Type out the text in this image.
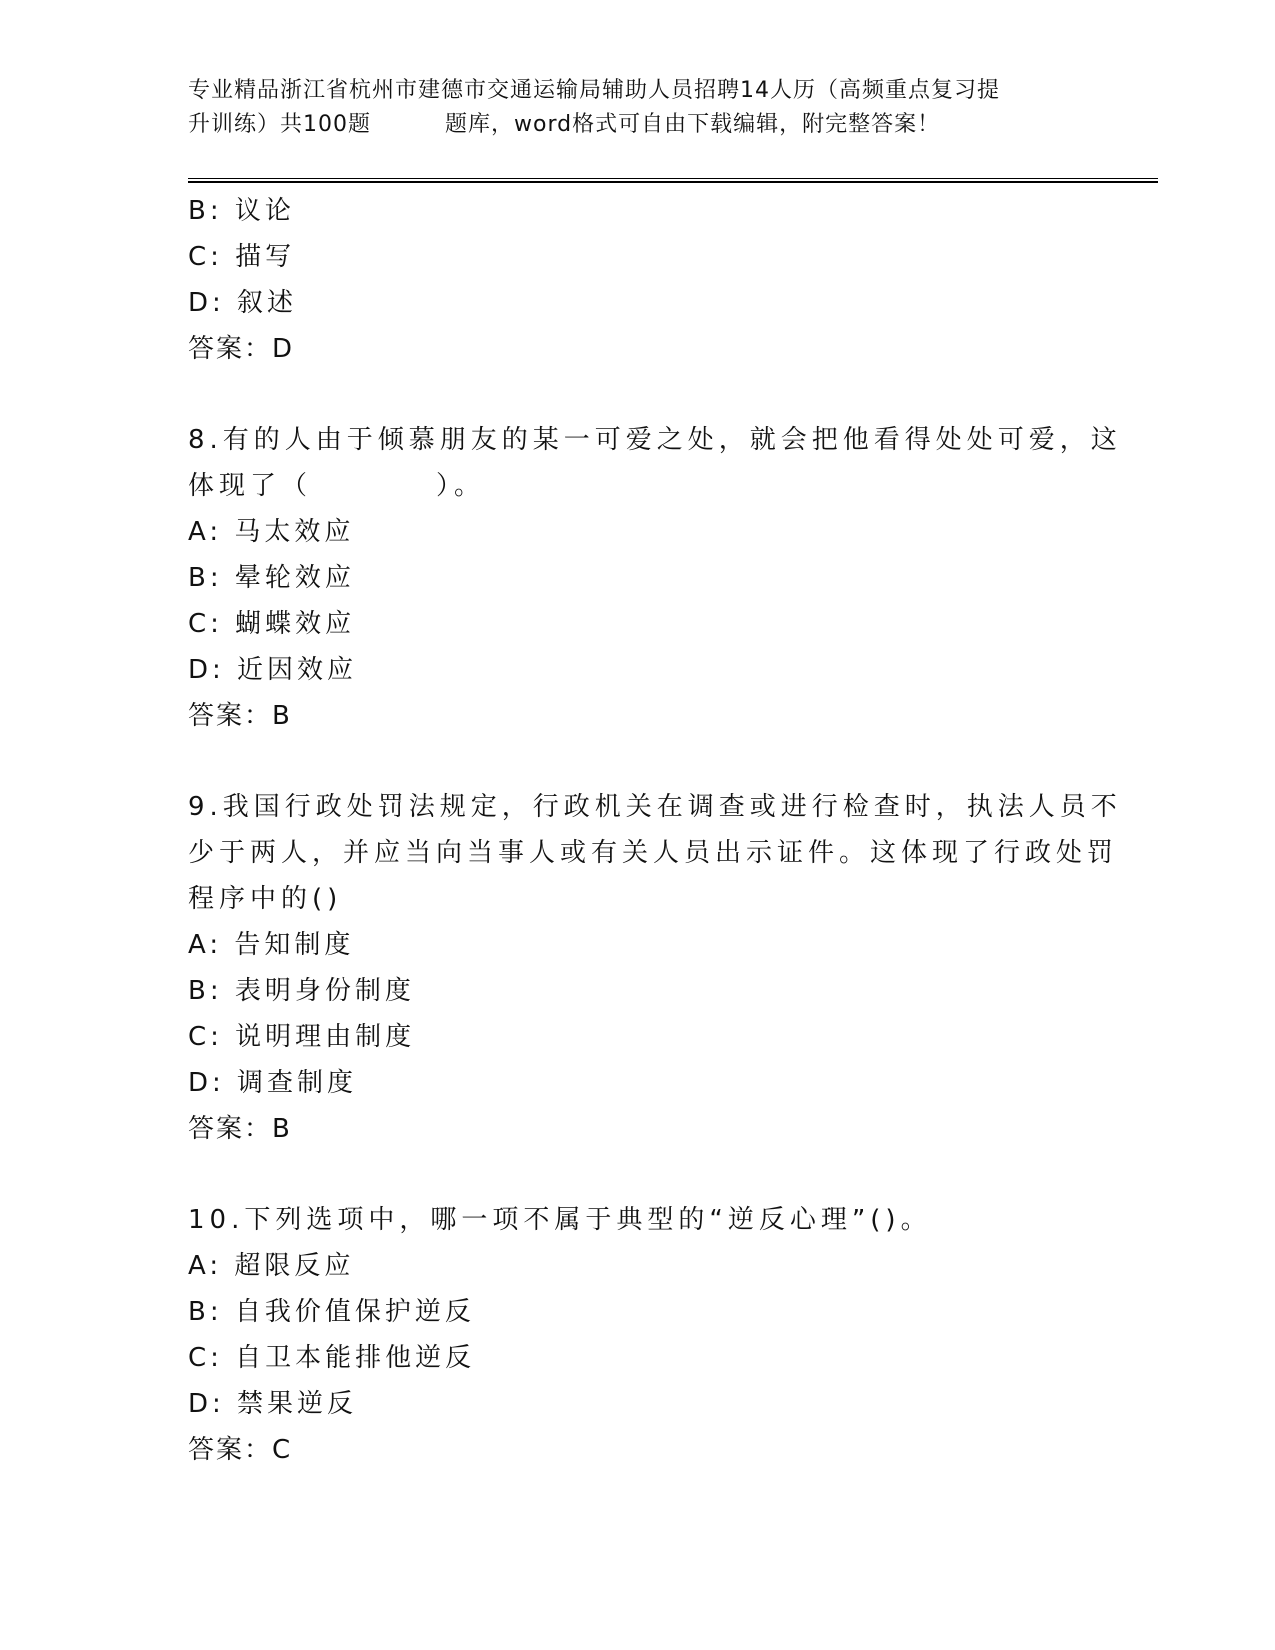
专业精品浙江省杭州市建德市交通运输局辅助人员招聘14人历（高频重点复习提
升训练）共100题	题库，word格式可自由下载编辑，附完整答案！
B: 议论
C: 描写
D: 叙述
答案：D
8.有的人由于倾慕朋友的某一可爱之处，就会把他看得处处可爱，这
体现了（　　　　）。
A: 马太效应
B: 晕轮效应
C: 蝴蝶效应
D: 近因效应
答案：B
9.我国行政处罚法规定，行政机关在调查或进行检查时，执法人员不
少于两人，并应当向当事人或有关人员出示证件。这体现了行政处罚
程序中的()
A: 告知制度
B: 表明身份制度
C: 说明理由制度
D: 调查制度
答案：B
10.下列选项中，哪一项不属于典型的“逆反心理”()。
A: 超限反应
B: 自我价值保护逆反
C: 自卫本能排他逆反
D: 禁果逆反
答案：C
